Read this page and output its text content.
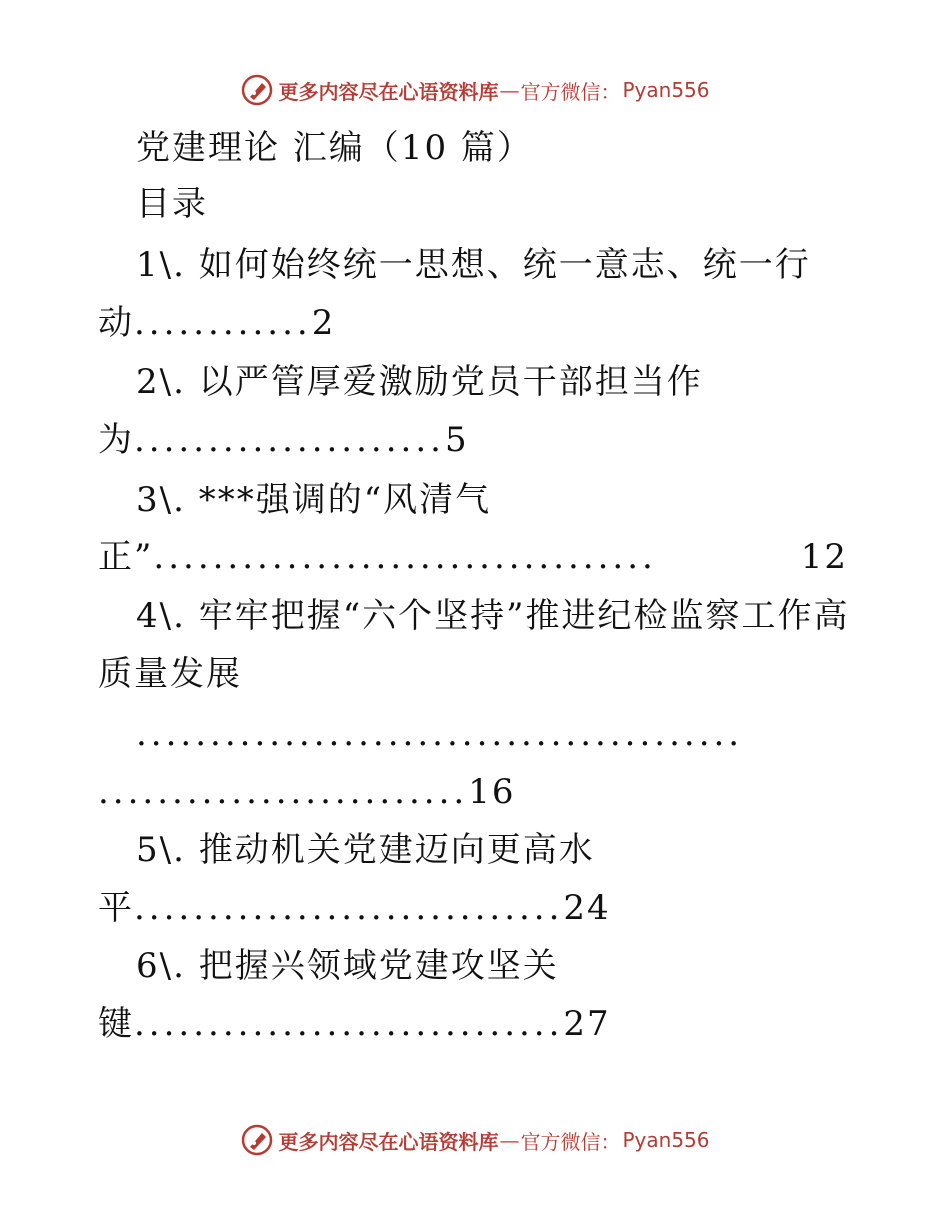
更多内容尽在心语资料库 — 官方微信： Pyan556
党建理论 汇编（10 篇）
目录
1\. 如何始终统一思想、统一意志、统一行
动............2
2\. 以严管厚爱激励党员干部担当作
为.....................5
3\. ***强调的“风清气
正” ..................................	12
4\. 牢牢把握“六个坚持”推进纪检监察工作高
质量发展
.........................................
.........................16
5\. 推动机关党建迈向更高水
平.............................24
6\. 把握兴领域党建攻坚关
键.............................27
更多内容尽在心语资料库 — 官方微信： Pyan556
